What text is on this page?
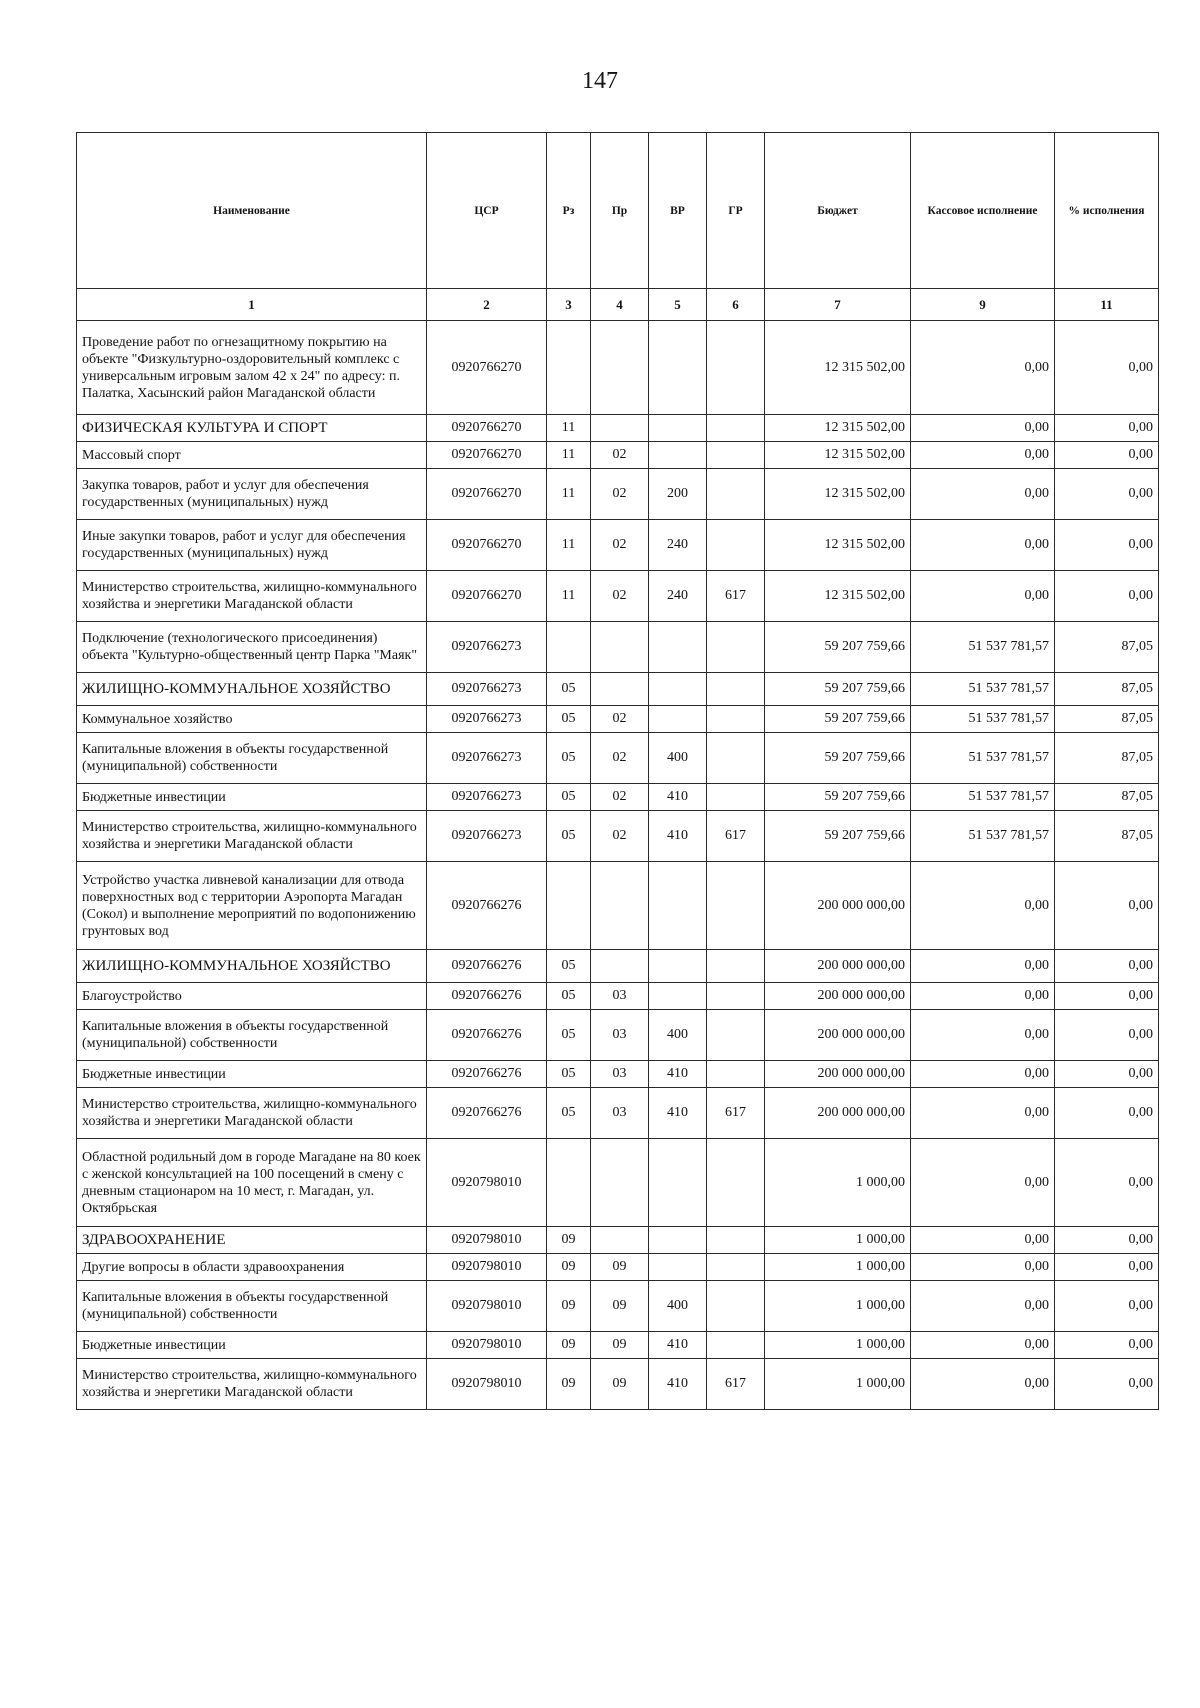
147
Наименование	ЦСР	Рз	Пр	ВР	ГР	Бюджет	Кассовое исполнение	% исполнения
1	2	3	4	5	6	7	9	11
Проведение работ по огнезащитному покрытию на объекте "Физкультурно-оздоровительный комплекс с универсальным игровым залом 42 х 24" по адресу: п. Палатка, Хасынский район Магаданской области	0920766270					12 315 502,00	0,00	0,00
ФИЗИЧЕСКАЯ КУЛЬТУРА И СПОРТ	0920766270	11				12 315 502,00	0,00	0,00
Массовый спорт	0920766270	11	02			12 315 502,00	0,00	0,00
Закупка товаров, работ и услуг для обеспечения государственных (муниципальных) нужд	0920766270	11	02	200		12 315 502,00	0,00	0,00
Иные закупки товаров, работ и услуг для обеспечения государственных (муниципальных) нужд	0920766270	11	02	240		12 315 502,00	0,00	0,00
Министерство строительства, жилищно-коммунального хозяйства и энергетики Магаданской области	0920766270	11	02	240	617	12 315 502,00	0,00	0,00
Подключение (технологического присоединения) объекта "Культурно-общественный центр Парка "Маяк"	0920766273					59 207 759,66	51 537 781,57	87,05
ЖИЛИЩНО-КОММУНАЛЬНОЕ ХОЗЯЙСТВО	0920766273	05				59 207 759,66	51 537 781,57	87,05
Коммунальное хозяйство	0920766273	05	02			59 207 759,66	51 537 781,57	87,05
Капитальные вложения в объекты государственной (муниципальной) собственности	0920766273	05	02	400		59 207 759,66	51 537 781,57	87,05
Бюджетные инвестиции	0920766273	05	02	410		59 207 759,66	51 537 781,57	87,05
Министерство строительства, жилищно-коммунального хозяйства и энергетики Магаданской области	0920766273	05	02	410	617	59 207 759,66	51 537 781,57	87,05
Устройство участка ливневой канализации для отвода поверхностных вод с территории Аэропорта Магадан (Сокол) и выполнение мероприятий по водопонижению грунтовых вод	0920766276					200 000 000,00	0,00	0,00
ЖИЛИЩНО-КОММУНАЛЬНОЕ ХОЗЯЙСТВО	0920766276	05				200 000 000,00	0,00	0,00
Благоустройство	0920766276	05	03			200 000 000,00	0,00	0,00
Капитальные вложения в объекты государственной (муниципальной) собственности	0920766276	05	03	400		200 000 000,00	0,00	0,00
Бюджетные инвестиции	0920766276	05	03	410		200 000 000,00	0,00	0,00
Министерство строительства, жилищно-коммунального хозяйства и энергетики Магаданской области	0920766276	05	03	410	617	200 000 000,00	0,00	0,00
Областной родильный дом в городе Магадане на 80 коек с женской консультацией на 100 посещений в смену с дневным стационаром на 10 мест, г. Магадан, ул. Октябрьская	0920798010					1 000,00	0,00	0,00
ЗДРАВООХРАНЕНИЕ	0920798010	09				1 000,00	0,00	0,00
Другие вопросы в области здравоохранения	0920798010	09	09			1 000,00	0,00	0,00
Капитальные вложения в объекты государственной (муниципальной) собственности	0920798010	09	09	400		1 000,00	0,00	0,00
Бюджетные инвестиции	0920798010	09	09	410		1 000,00	0,00	0,00
Министерство строительства, жилищно-коммунального хозяйства и энергетики Магаданской области	0920798010	09	09	410	617	1 000,00	0,00	0,00
